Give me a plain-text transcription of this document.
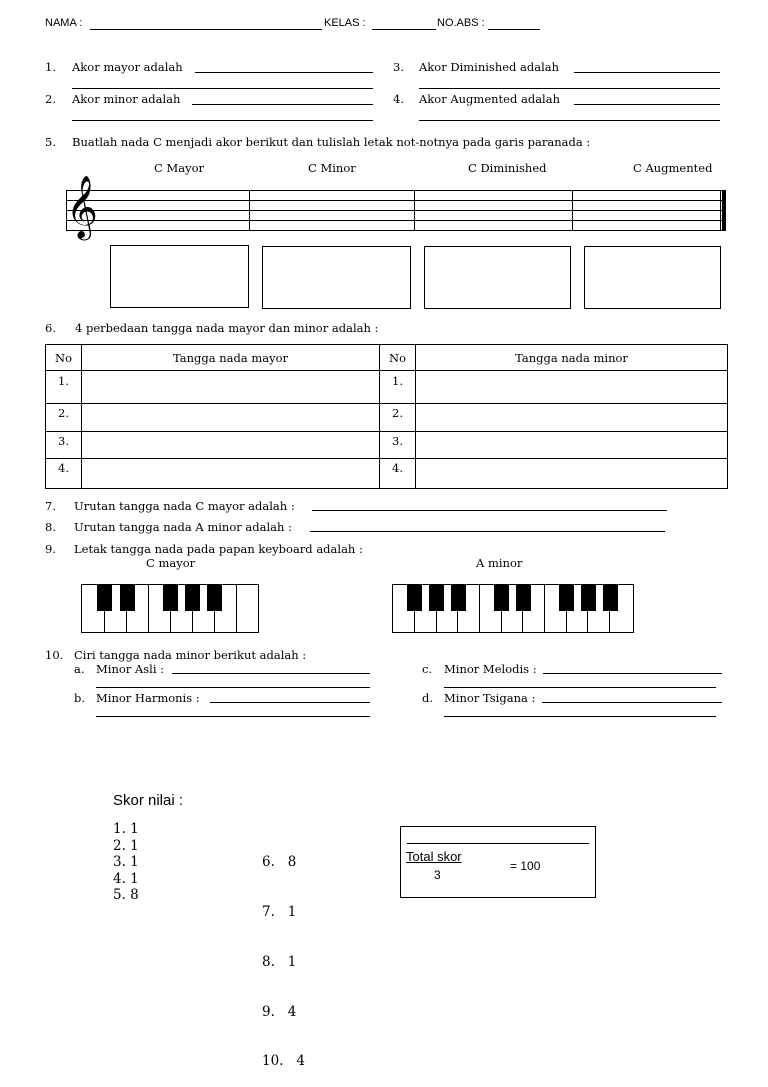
NAMA :	KELAS :	NO.ABS :
1. Akor mayor adalah
2. Akor minor adalah
3. Akor Diminished adalah
4. Akor Augmented adalah
5. Buatlah nada C menjadi akor berikut dan tulislah letak not-notnya pada garis paranada :
C Mayor	C Minor	C Diminished	C Augmented
𝄞
6. 4 perbedaan tangga nada mayor dan minor adalah :
No	Tangga nada mayor	No	Tangga nada minor
1.		1.	
2.		2.	
3.		3.	
4.		4.	
7. Urutan tangga nada C mayor adalah :
8. Urutan tangga nada A minor adalah :
9. Letak tangga nada pada papan keyboard adalah :
C mayor	A minor
10. Ciri tangga nada minor berikut adalah :
a. Minor Asli :
b. Minor Harmonis :
c. Minor Melodis :
d. Minor Tsigana :
Skor nilai :
1. 1
2. 1
3. 1
4. 1
5. 8

6.   8

7.   1

8.   1

9.   4

10.   4

Total skor
3
= 100
